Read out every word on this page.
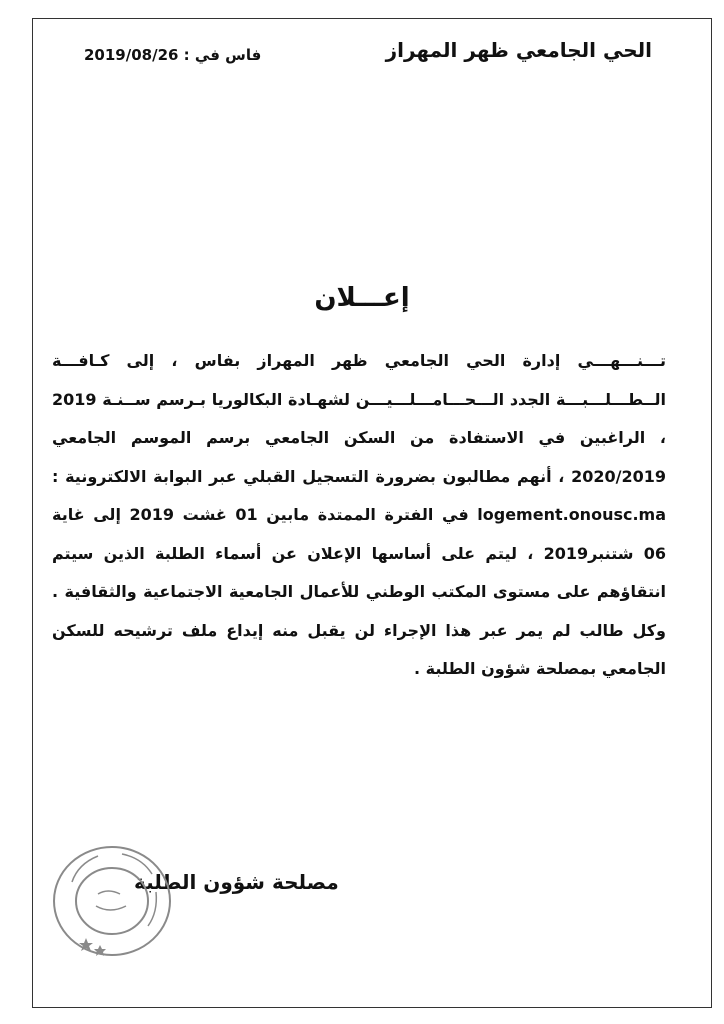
الحي الجامعي ظهر المهراز
فاس في : 2019/08/26
إعـــلان
تـــنـــهـــي إدارة الحي الجامعي ظهر المهراز بفاس ، إلى كـافـــة الــطـــلـــبـــة الجدد الـــحـــامـــلـــيـــن لشهـادة البكالوريا بـرسم ســنـة 2019 ، الراغبين في الاستفادة من السكن الجامعي برسم الموسم الجامعي 2020/2019 ، أنهم مطالبون بضرورة التسجيل القبلي عبر البوابة الالكترونية : logement.onousc.ma في الفترة الممتدة مابين 01 غشت 2019 إلى غاية 06 شتنبر2019 ، ليتم على أساسها الإعلان عن أسماء الطلبة الذين سيتم انتقاؤهم على مستوى المكتب الوطني للأعمال الجامعية الاجتماعية والثقافية . وكل طالب لم يمر عبر هذا الإجراء لن يقبل منه إيداع ملف ترشيحه للسكن الجامعي بمصلحة شؤون الطلبة .
مصلحة شؤون الطلبة
